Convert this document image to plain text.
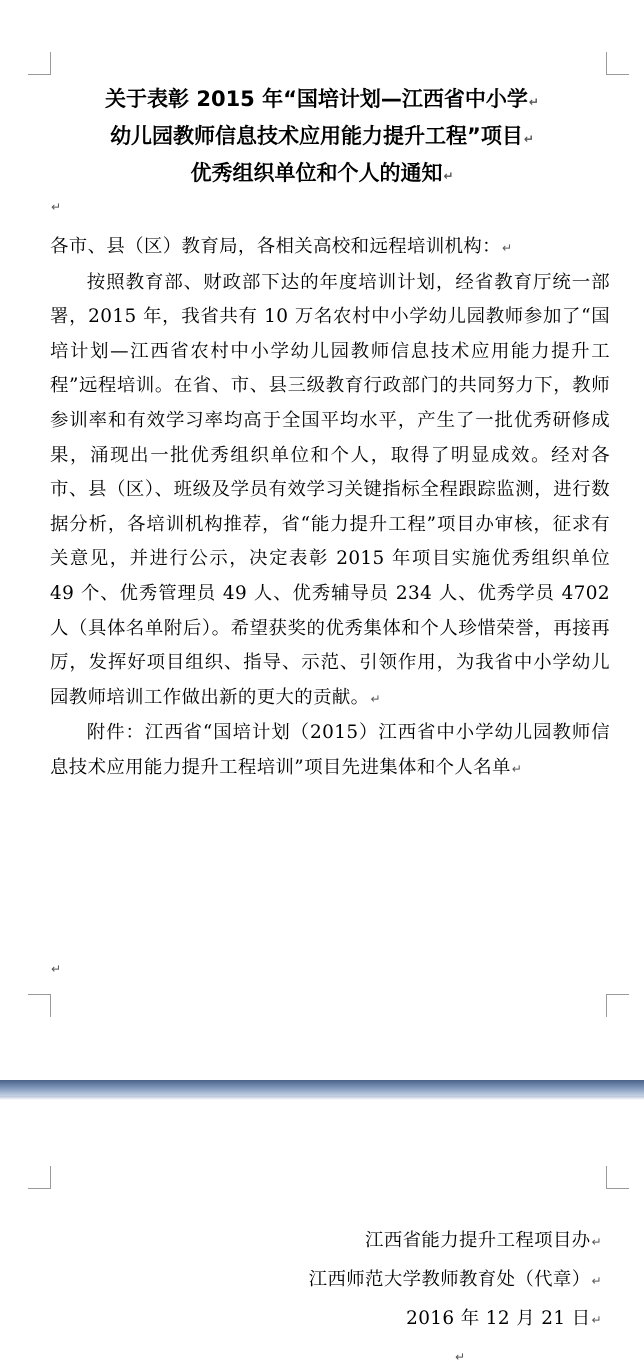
关于表彰 2015 年“国培计划—江西省中小学↵
幼儿园教师信息技术应用能力提升工程”项目↵
优秀组织单位和个人的通知↵
↵
各市、县（区）教育局，各相关高校和远程培训机构：↵
按照教育部、财政部下达的年度培训计划，经省教育厅统一部署，2015 年，我省共有 10 万名农村中小学幼儿园教师参加了“国培计划—江西省农村中小学幼儿园教师信息技术应用能力提升工程”远程培训。在省、市、县三级教育行政部门的共同努力下，教师参训率和有效学习率均高于全国平均水平，产生了一批优秀研修成果，涌现出一批优秀组织单位和个人，取得了明显成效。经对各市、县（区）、班级及学员有效学习关键指标全程跟踪监测，进行数据分析，各培训机构推荐，省“能力提升工程”项目办审核，征求有关意见，并进行公示，决定表彰 2015 年项目实施优秀组织单位 49 个、优秀管理员 49 人、优秀辅导员 234 人、优秀学员 4702 人（具体名单附后）。希望获奖的优秀集体和个人珍惜荣誉，再接再厉，发挥好项目组织、指导、示范、引领作用，为我省中小学幼儿园教师培训工作做出新的更大的贡献。↵
附件：江西省“国培计划（2015）江西省中小学幼儿园教师信息技术应用能力提升工程培训”项目先进集体和个人名单↵
↵
江西省能力提升工程项目办↵
江西师范大学教师教育处（代章）↵
2016 年 12 月 21 日↵
↵
